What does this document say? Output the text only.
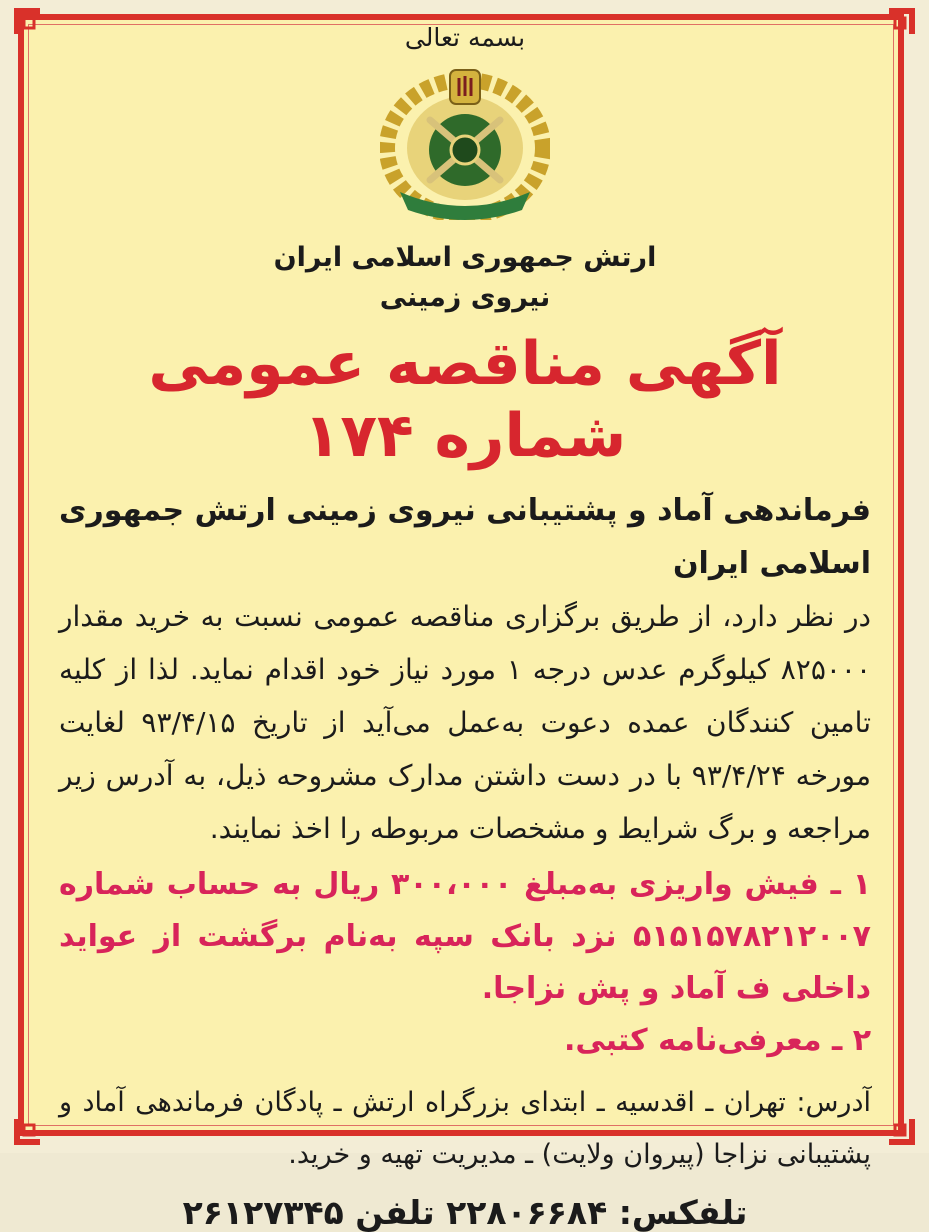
بسمه تعالی
ارتش جمهوری اسلامی ایران
نیروی زمینی
آگهی مناقصه عمومی شماره ۱۷۴
فرماندهی آماد و پشتیبانی نیروی زمینی ارتش جمهوری اسلامی ایران
در نظر دارد، از طریق برگزاری مناقصه عمومی نسبت به خرید مقدار ۸۲۵۰۰۰ کیلوگرم عدس درجه ۱ مورد نیاز خود اقدام نماید. لذا از کلیه تامین کنندگان عمده دعوت به‌عمل می‌آید از تاریخ ۹۳/۴/۱۵ لغایت مورخه ۹۳/۴/۲۴ با در دست داشتن مدارک مشروحه ذیل، به آدرس زیر مراجعه و برگ شرایط و مشخصات مربوطه را اخذ نمایند.
۱ ـ فیش واریزی به‌مبلغ ۳۰۰،۰۰۰ ریال به حساب شماره ۵۱۵۱۵۷۸۲۱۲۰۰۷ نزد بانک سپه به‌نام برگشت از عواید داخلی ف آماد و پش نزاجا.
۲ ـ معرفی‌نامه کتبی.
آدرس: تهران ـ اقدسیه ـ ابتدای بزرگراه ارتش ـ پادگان فرماندهی آماد و پشتیبانی نزاجا (پیروان ولایت) ـ مدیریت تهیه و خرید.
تلفکس: ۲۲۸۰۶۶۸۴ تلفن ۲۶۱۲۷۳۴۵
